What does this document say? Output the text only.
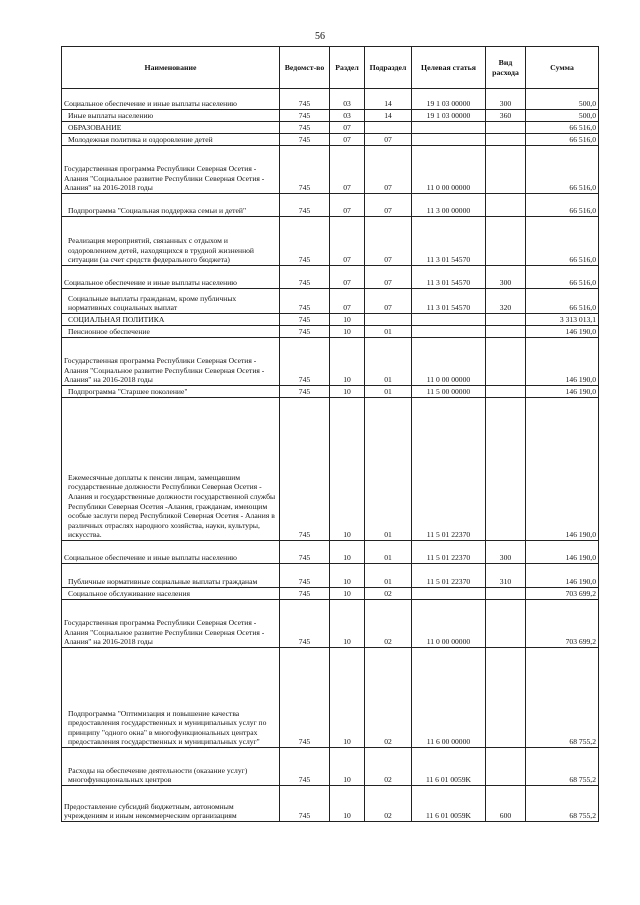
56
Наименование	Ведомст-во	Раздел	Подраздел	Целевая статья	Вид расхода	Сумма
Социальное обеспечение и иные выплаты населению	745	03	14	19 1 03 00000	300	500,0
Иные выплаты населению	745	03	14	19 1 03 00000	360	500,0
ОБРАЗОВАНИЕ	745	07				66 516,0
Молодежная политика и оздоровление детей	745	07	07			66 516,0
Государственная программа Республики Северная Осетия - Алания "Социальное развитие Республики Северная Осетия - Алания" на 2016-2018 годы	745	07	07	11 0 00 00000		66 516,0
Подпрограмма "Социальная поддержка семьи и детей"	745	07	07	11 3 00 00000		66 516,0
Реализация мероприятий, связанных с отдыхом и оздоровлением детей, находящихся в трудной жизненной ситуации (за счет средств федерального бюджета)	745	07	07	11 3 01 54570		66 516,0
Социальное обеспечение и иные выплаты населению	745	07	07	11 3 01 54570	300	66 516,0
Социальные выплаты гражданам, кроме публичных нормативных социальных выплат	745	07	07	11 3 01 54570	320	66 516,0
СОЦИАЛЬНАЯ ПОЛИТИКА	745	10				3 313 013,1
Пенсионное обеспечение	745	10	01			146 190,0
Государственная программа Республики Северная Осетия - Алания "Социальное развитие Республики Северная Осетия - Алания" на 2016-2018 годы	745	10	01	11 0 00 00000		146 190,0
Подпрограмма "Старшее поколение"	745	10	01	11 5 00 00000		146 190,0
Ежемесячные доплаты к пенсии лицам, замещавшим государственные должности Республики Северная Осетия - Алания и государственные должности государственной службы Республики Северная Осетия -Алания, гражданам, имеющим особые заслуги перед Республикой Северная Осетия - Алания в различных отраслях народного хозяйства, науки, культуры, искусства.	745	10	01	11 5 01 22370		146 190,0
Социальное обеспечение и иные выплаты населению	745	10	01	11 5 01 22370	300	146 190,0
Публичные нормативные социальные выплаты гражданам	745	10	01	11 5 01 22370	310	146 190,0
Социальное обслуживание населения	745	10	02			703 699,2
Государственная программа Республики Северная Осетия - Алания "Социальное развитие Республики Северная Осетия - Алания" на 2016-2018 годы	745	10	02	11 0 00 00000		703 699,2
Подпрограмма "Оптимизация и повышение качества предоставления государственных и муниципальных услуг по принципу "одного окна" в многофункциональных центрах предоставления государственных и муниципальных услуг"	745	10	02	11 6 00 00000		68 755,2
Расходы на обеспечение деятельности (оказание услуг) многофункциональных центров	745	10	02	11 6 01 0059K		68 755,2
Предоставление субсидий бюджетным, автономным учреждениям и иным некоммерческим организациям	745	10	02	11 6 01 0059K	600	68 755,2
